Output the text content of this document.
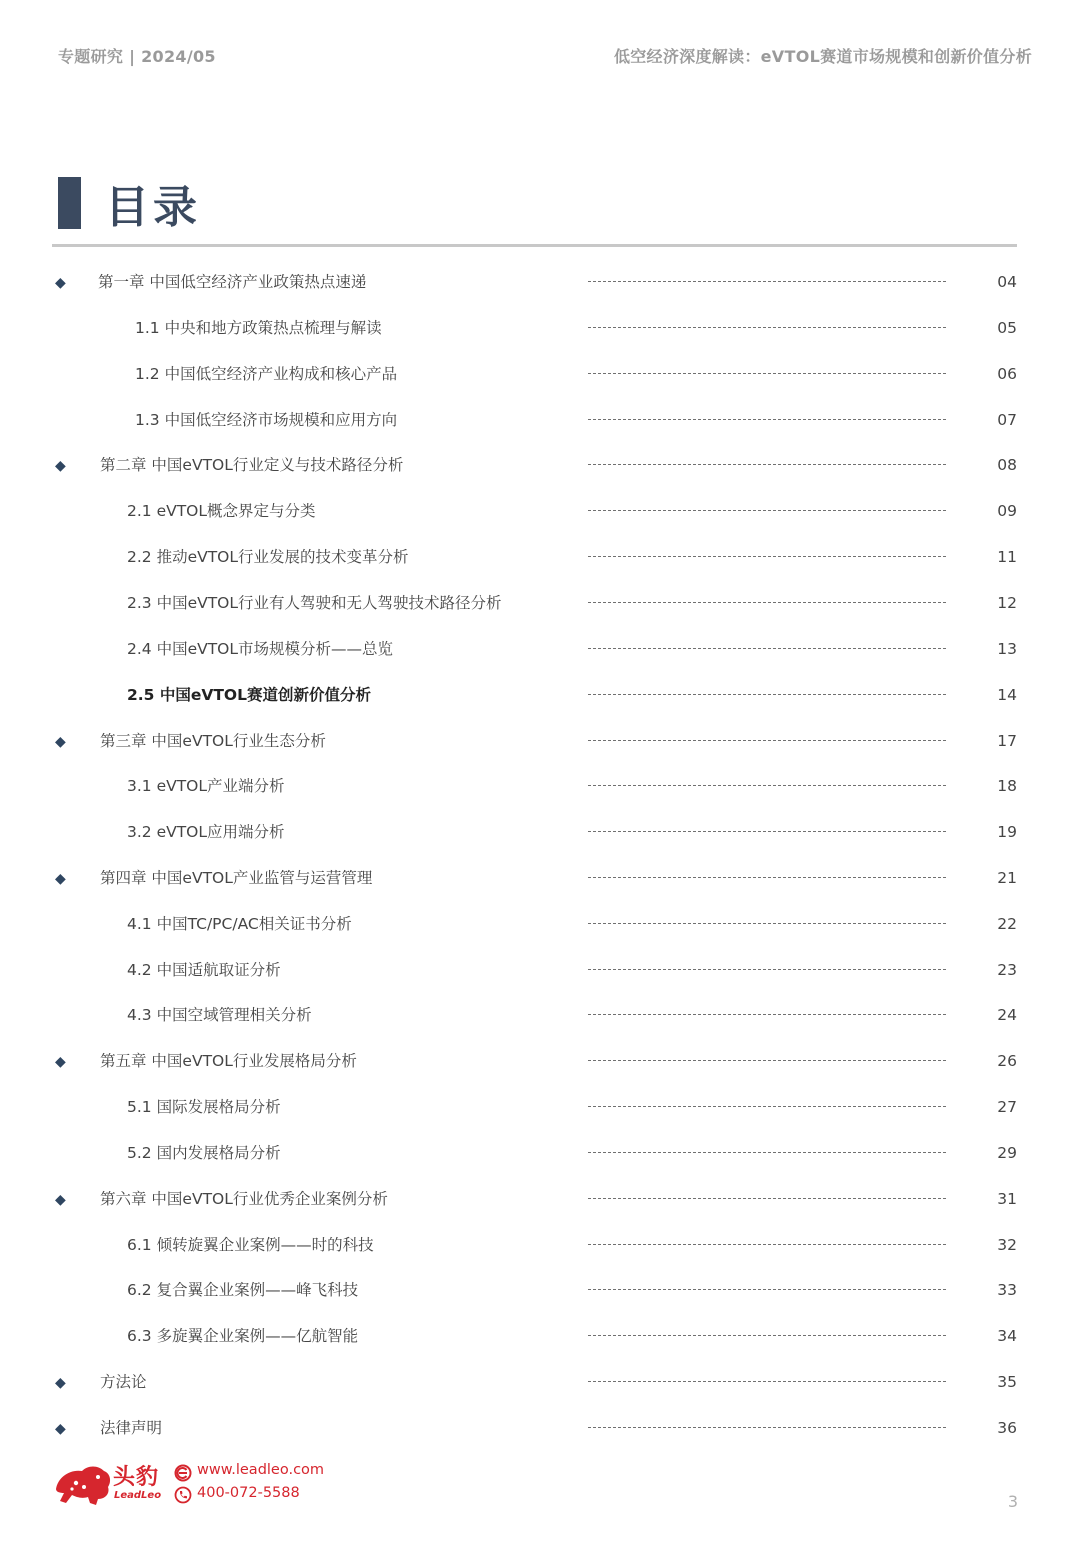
专题研究 | 2024/05	低空经济深度解读：eVTOL赛道市场规模和创新价值分析
目录
◆
第一章 中国低空经济产业政策热点速递	04
1.1 中央和地方政策热点梳理与解读	05
1.2 中国低空经济产业构成和核心产品	06
1.3 中国低空经济市场规模和应用方向	07
◆
第二章 中国eVTOL行业定义与技术路径分析	08
2.1 eVTOL概念界定与分类	09
2.2 推动eVTOL行业发展的技术变革分析	11
2.3 中国eVTOL行业有人驾驶和无人驾驶技术路径分析	12
2.4 中国eVTOL市场规模分析——总览	13
2.5 中国eVTOL赛道创新价值分析	14
◆
第三章 中国eVTOL行业生态分析	17
3.1 eVTOL产业端分析	18
3.2 eVTOL应用端分析	19
◆
第四章 中国eVTOL产业监管与运营管理	21
4.1 中国TC/PC/AC相关证书分析	22
4.2 中国适航取证分析	23
4.3 中国空域管理相关分析	24
◆
第五章 中国eVTOL行业发展格局分析	26
5.1 国际发展格局分析	27
5.2 国内发展格局分析	29
◆
第六章 中国eVTOL行业优秀企业案例分析	31
6.1 倾转旋翼企业案例——时的科技	32
6.2 复合翼企业案例——峰飞科技	33
6.3 多旋翼企业案例——亿航智能	34
◆
方法论	35
◆
法律声明	36
头豹
LeadLeo
www.leadleo.com
400-072-5588	3
